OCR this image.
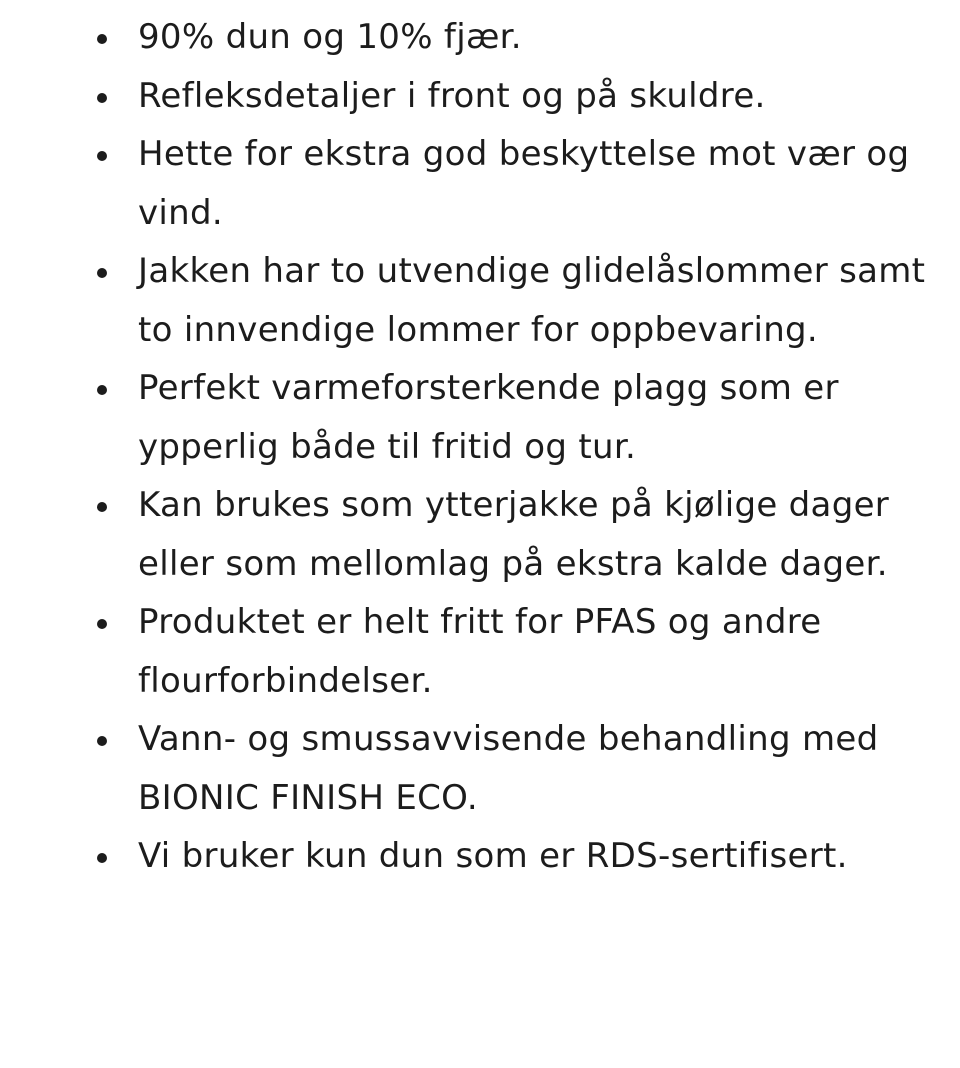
90% dun og 10% fjær.
Refleksdetaljer i front og på skuldre.
Hette for ekstra god beskyttelse mot vær og vind.
Jakken har to utvendige glidelåslommer samt to innvendige lommer for oppbevaring.
Perfekt varmeforsterkende plagg som er ypperlig både til fritid og tur.
Kan brukes som ytterjakke på kjølige dager eller som mellomlag på ekstra kalde dager.
Produktet er helt fritt for PFAS og andre flourforbindelser.
Vann- og smussavvisende behandling med BIONIC FINISH ECO.
Vi bruker kun dun som er RDS-sertifisert.
